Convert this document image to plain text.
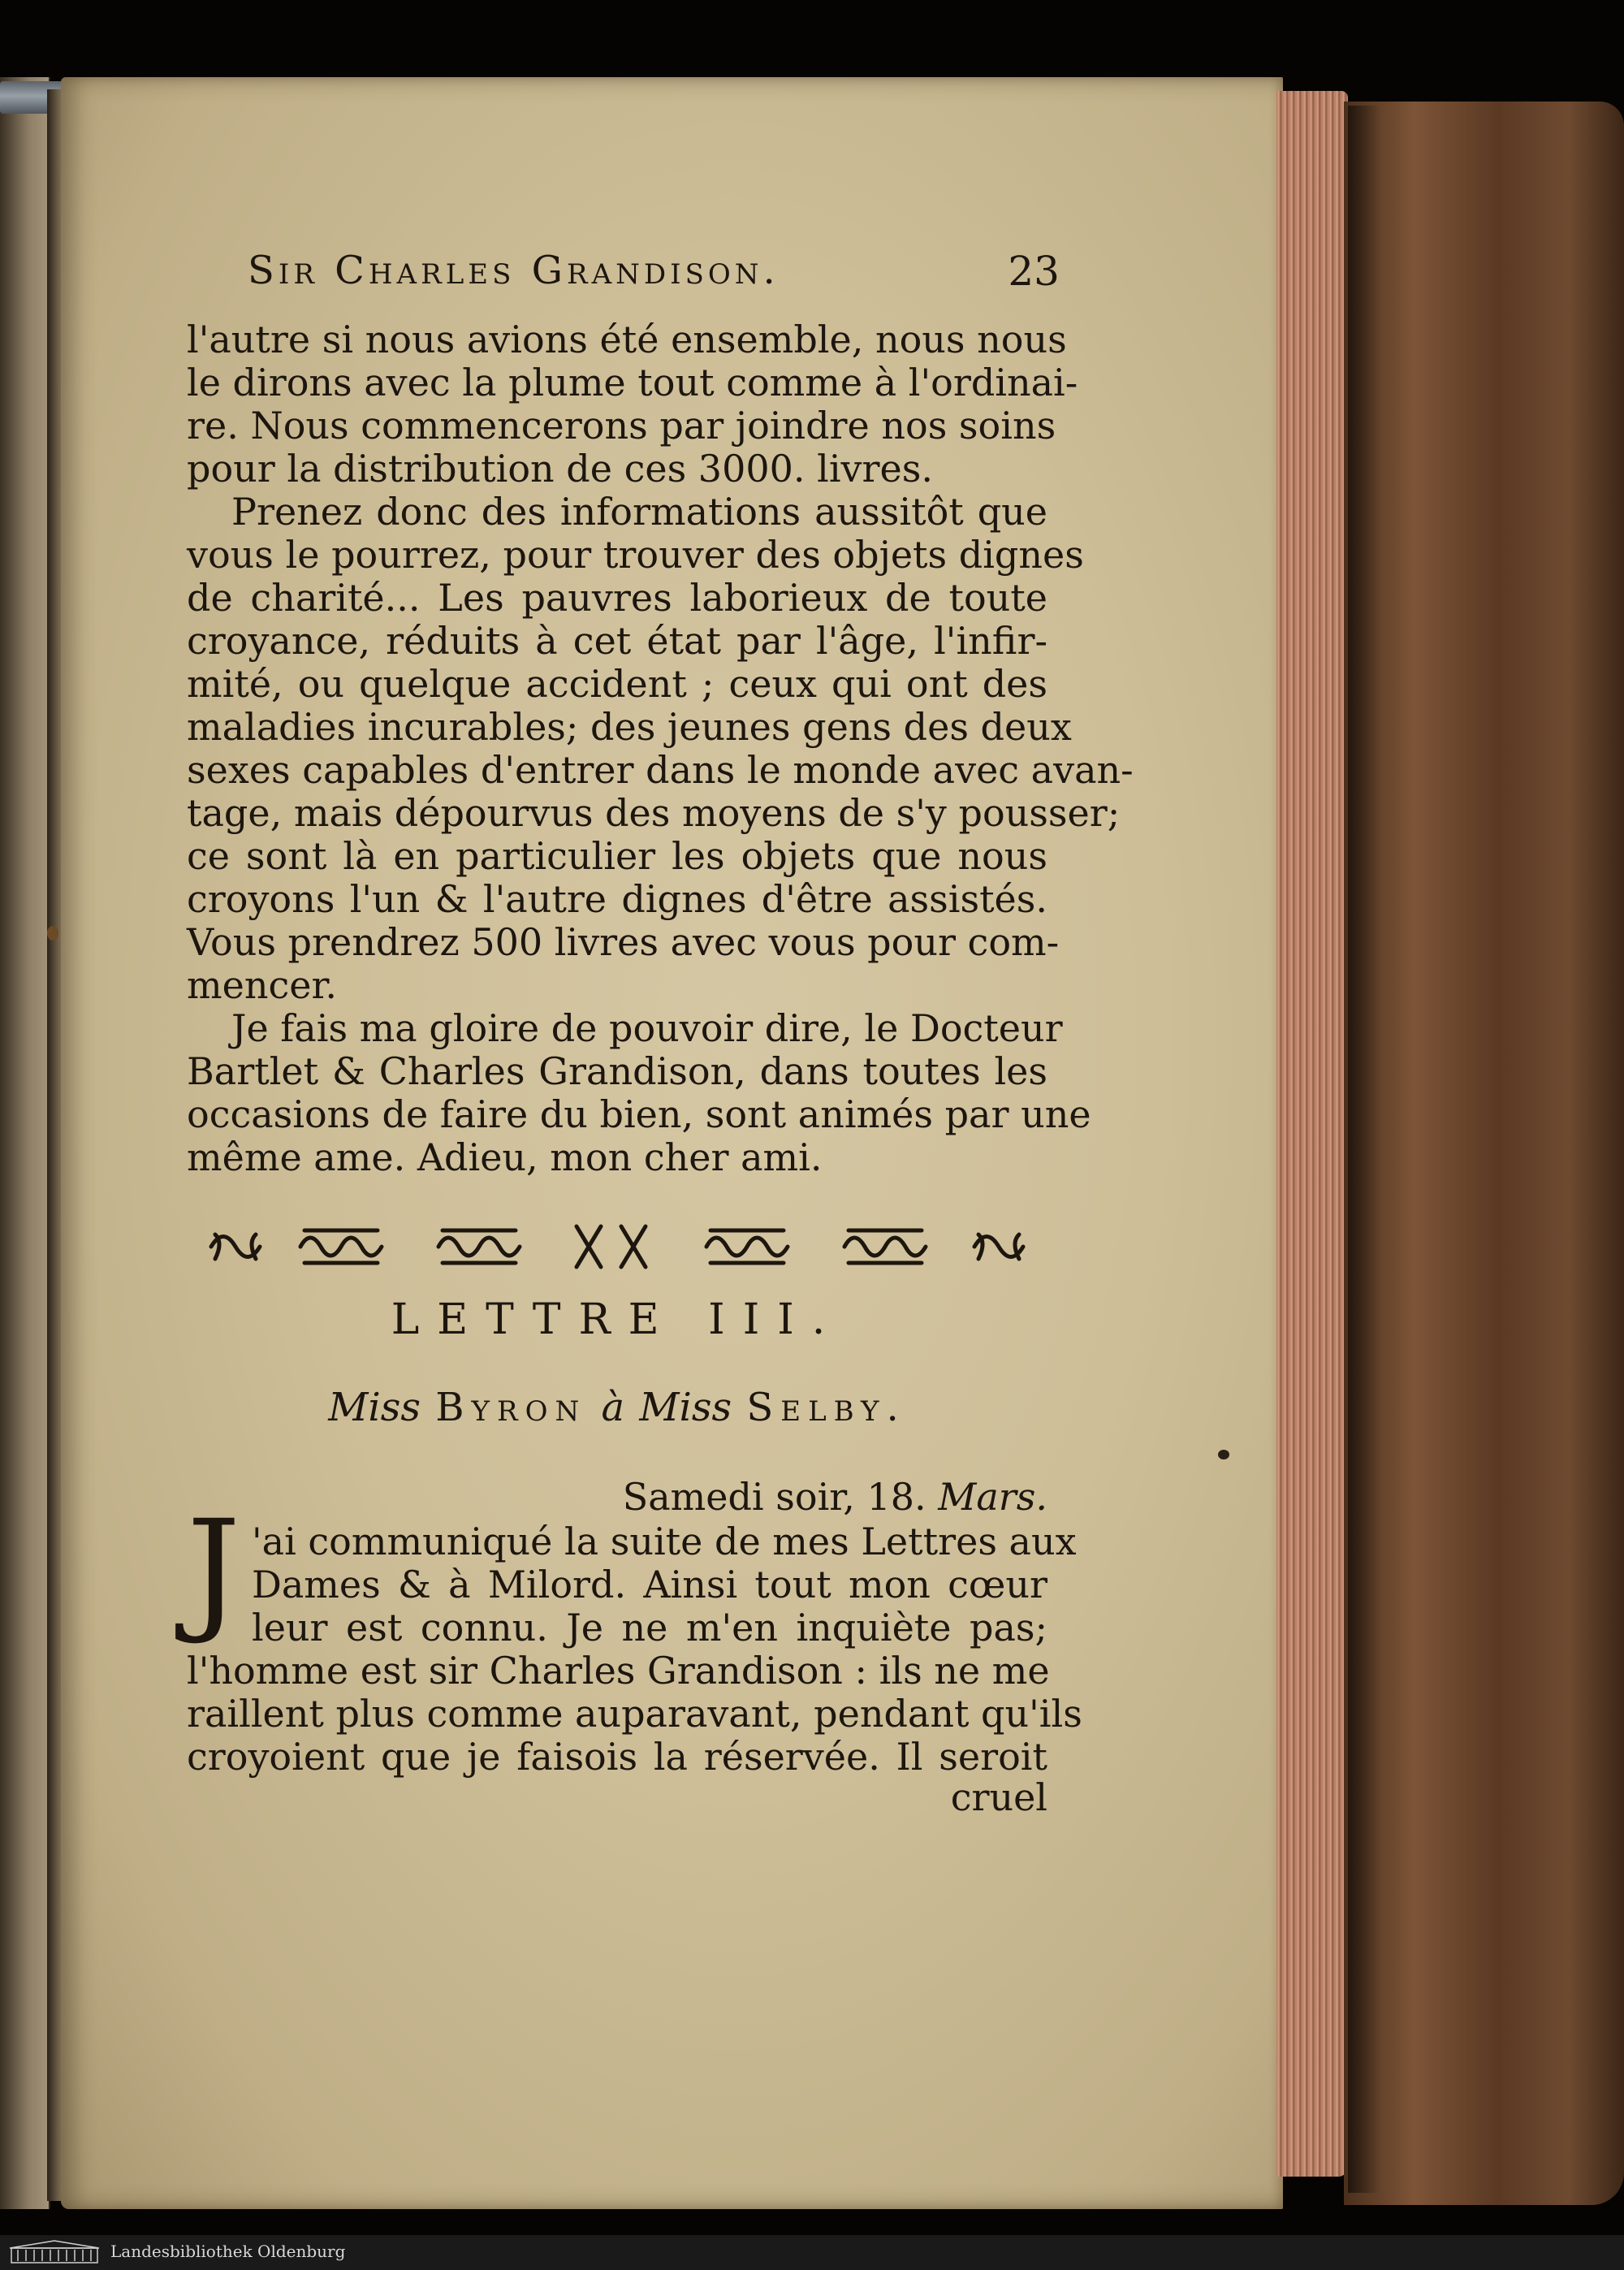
Sir Charles Grandison.	23
l'autre si nous avions été ensemble, nous nous
le dirons avec la plume tout comme à l'ordinai-
re. Nous commencerons par joindre nos soins
pour la distribution de ces 3000. livres.
Prenez donc des informations aussitôt que
vous le pourrez, pour trouver des objets dignes
de charité... Les pauvres laborieux de toute
croyance, réduits à cet état par l'âge, l'infir-
mité, ou quelque accident ; ceux qui ont des
maladies incurables; des jeunes gens des deux
sexes capables d'entrer dans le monde avec avan-
tage, mais dépourvus des moyens de s'y pousser;
ce sont là en particulier les objets que nous
croyons l'un & l'autre dignes d'être assistés.
Vous prendrez 500 livres avec vous pour com-
mencer.
Je fais ma gloire de pouvoir dire, le Docteur
Bartlet & Charles Grandison, dans toutes les
occasions de faire du bien, sont animés par une
même ame. Adieu, mon cher ami.
LETTRE III.
Miss Byron à Miss Selby.
Samedi soir, 18. Mars.
J 'ai communiqué la suite de mes Lettres aux
Dames & à Milord. Ainsi tout mon cœur
leur est connu. Je ne m'en inquiète pas;
l'homme est sir Charles Grandison : ils ne me
raillent plus comme auparavant, pendant qu'ils
croyoient que je faisois la réservée. Il seroit
cruel
Landesbibliothek Oldenburg
